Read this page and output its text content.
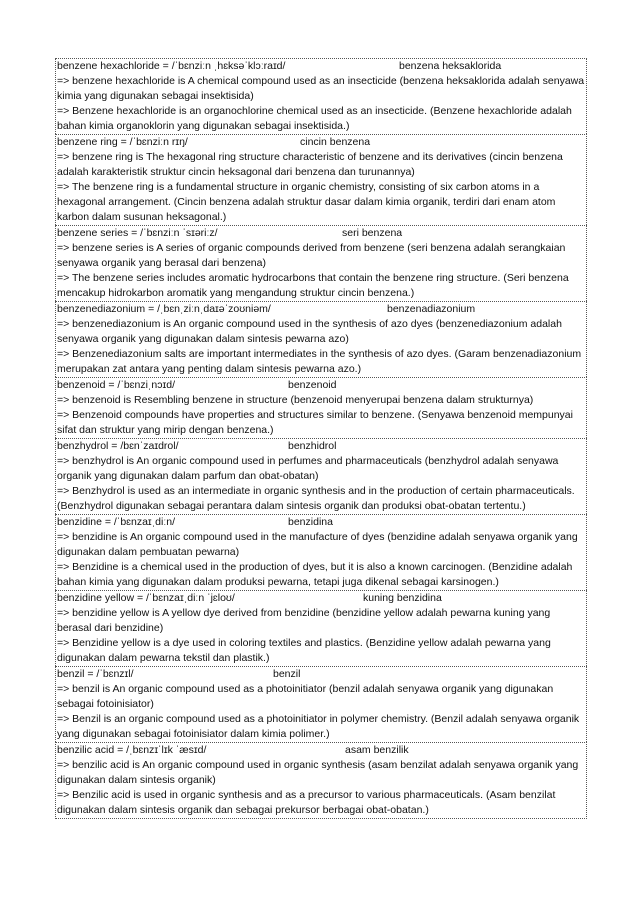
benzene hexachloride = /ˈbɛnziːn ˌhɛksəˈklɔːraɪd/	benzena heksaklorida
=> benzene hexachloride is A chemical compound used as an insecticide (benzena heksaklorida adalah senyawa kimia yang digunakan sebagai insektisida)
=> Benzene hexachloride is an organochlorine chemical used as an insecticide. (Benzene hexachloride adalah bahan kimia organoklorin yang digunakan sebagai insektisida.)
benzene ring = /ˈbɛnziːn rɪŋ/	cincin benzena
=> benzene ring is The hexagonal ring structure characteristic of benzene and its derivatives (cincin benzena adalah karakteristik struktur cincin heksagonal dari benzena dan turunannya)
=> The benzene ring is a fundamental structure in organic chemistry, consisting of six carbon atoms in a hexagonal arrangement. (Cincin benzena adalah struktur dasar dalam kimia organik, terdiri dari enam atom karbon dalam susunan heksagonal.)
benzene series = /ˈbɛnziːn ˈsɪəriːz/	seri benzena
=> benzene series is A series of organic compounds derived from benzene (seri benzena adalah serangkaian senyawa organik yang berasal dari benzena)
=> The benzene series includes aromatic hydrocarbons that contain the benzene ring structure. (Seri benzena mencakup hidrokarbon aromatik yang mengandung struktur cincin benzena.)
benzenediazonium = /ˌbɛnˌziːnˌdaɪəˈzoʊniəm/	benzenadiazonium
=> benzenediazonium is An organic compound used in the synthesis of azo dyes (benzenediazonium adalah senyawa organik yang digunakan dalam sintesis pewarna azo)
=> Benzenediazonium salts are important intermediates in the synthesis of azo dyes. (Garam benzenadiazonium merupakan zat antara yang penting dalam sintesis pewarna azo.)
benzenoid = /ˈbɛnziˌnɔɪd/	benzenoid
=> benzenoid is Resembling benzene in structure (benzenoid menyerupai benzena dalam strukturnya)
=> Benzenoid compounds have properties and structures similar to benzene. (Senyawa benzenoid mempunyai sifat dan struktur yang mirip dengan benzena.)
benzhydrol = /bɛnˈzaɪdrol/	benzhidrol
=> benzhydrol is An organic compound used in perfumes and pharmaceuticals (benzhydrol adalah senyawa organik yang digunakan dalam parfum dan obat-obatan)
=> Benzhydrol is used as an intermediate in organic synthesis and in the production of certain pharmaceuticals. (Benzhydrol digunakan sebagai perantara dalam sintesis organik dan produksi obat-obatan tertentu.)
benzidine = /ˈbɛnzaɪˌdiːn/	benzidina
=> benzidine is An organic compound used in the manufacture of dyes (benzidine adalah senyawa organik yang digunakan dalam pembuatan pewarna)
=> Benzidine is a chemical used in the production of dyes, but it is also a known carcinogen. (Benzidine adalah bahan kimia yang digunakan dalam produksi pewarna, tetapi juga dikenal sebagai karsinogen.)
benzidine yellow = /ˈbɛnzaɪˌdiːn ˈjɛloʊ/	kuning benzidina
=> benzidine yellow is A yellow dye derived from benzidine (benzidine yellow adalah pewarna kuning yang berasal dari benzidine)
=> Benzidine yellow is a dye used in coloring textiles and plastics. (Benzidine yellow adalah pewarna yang digunakan dalam pewarna tekstil dan plastik.)
benzil = /ˈbɛnzɪl/	benzil
=> benzil is An organic compound used as a photoinitiator (benzil adalah senyawa organik yang digunakan sebagai fotoinisiator)
=> Benzil is an organic compound used as a photoinitiator in polymer chemistry. (Benzil adalah senyawa organik yang digunakan sebagai fotoinisiator dalam kimia polimer.)
benzilic acid = /ˌbɛnzɪˈlɪk ˈæsɪd/	asam benzilik
=> benzilic acid is An organic compound used in organic synthesis (asam benzilat adalah senyawa organik yang digunakan dalam sintesis organik)
=> Benzilic acid is used in organic synthesis and as a precursor to various pharmaceuticals. (Asam benzilat digunakan dalam sintesis organik dan sebagai prekursor berbagai obat-obatan.)
